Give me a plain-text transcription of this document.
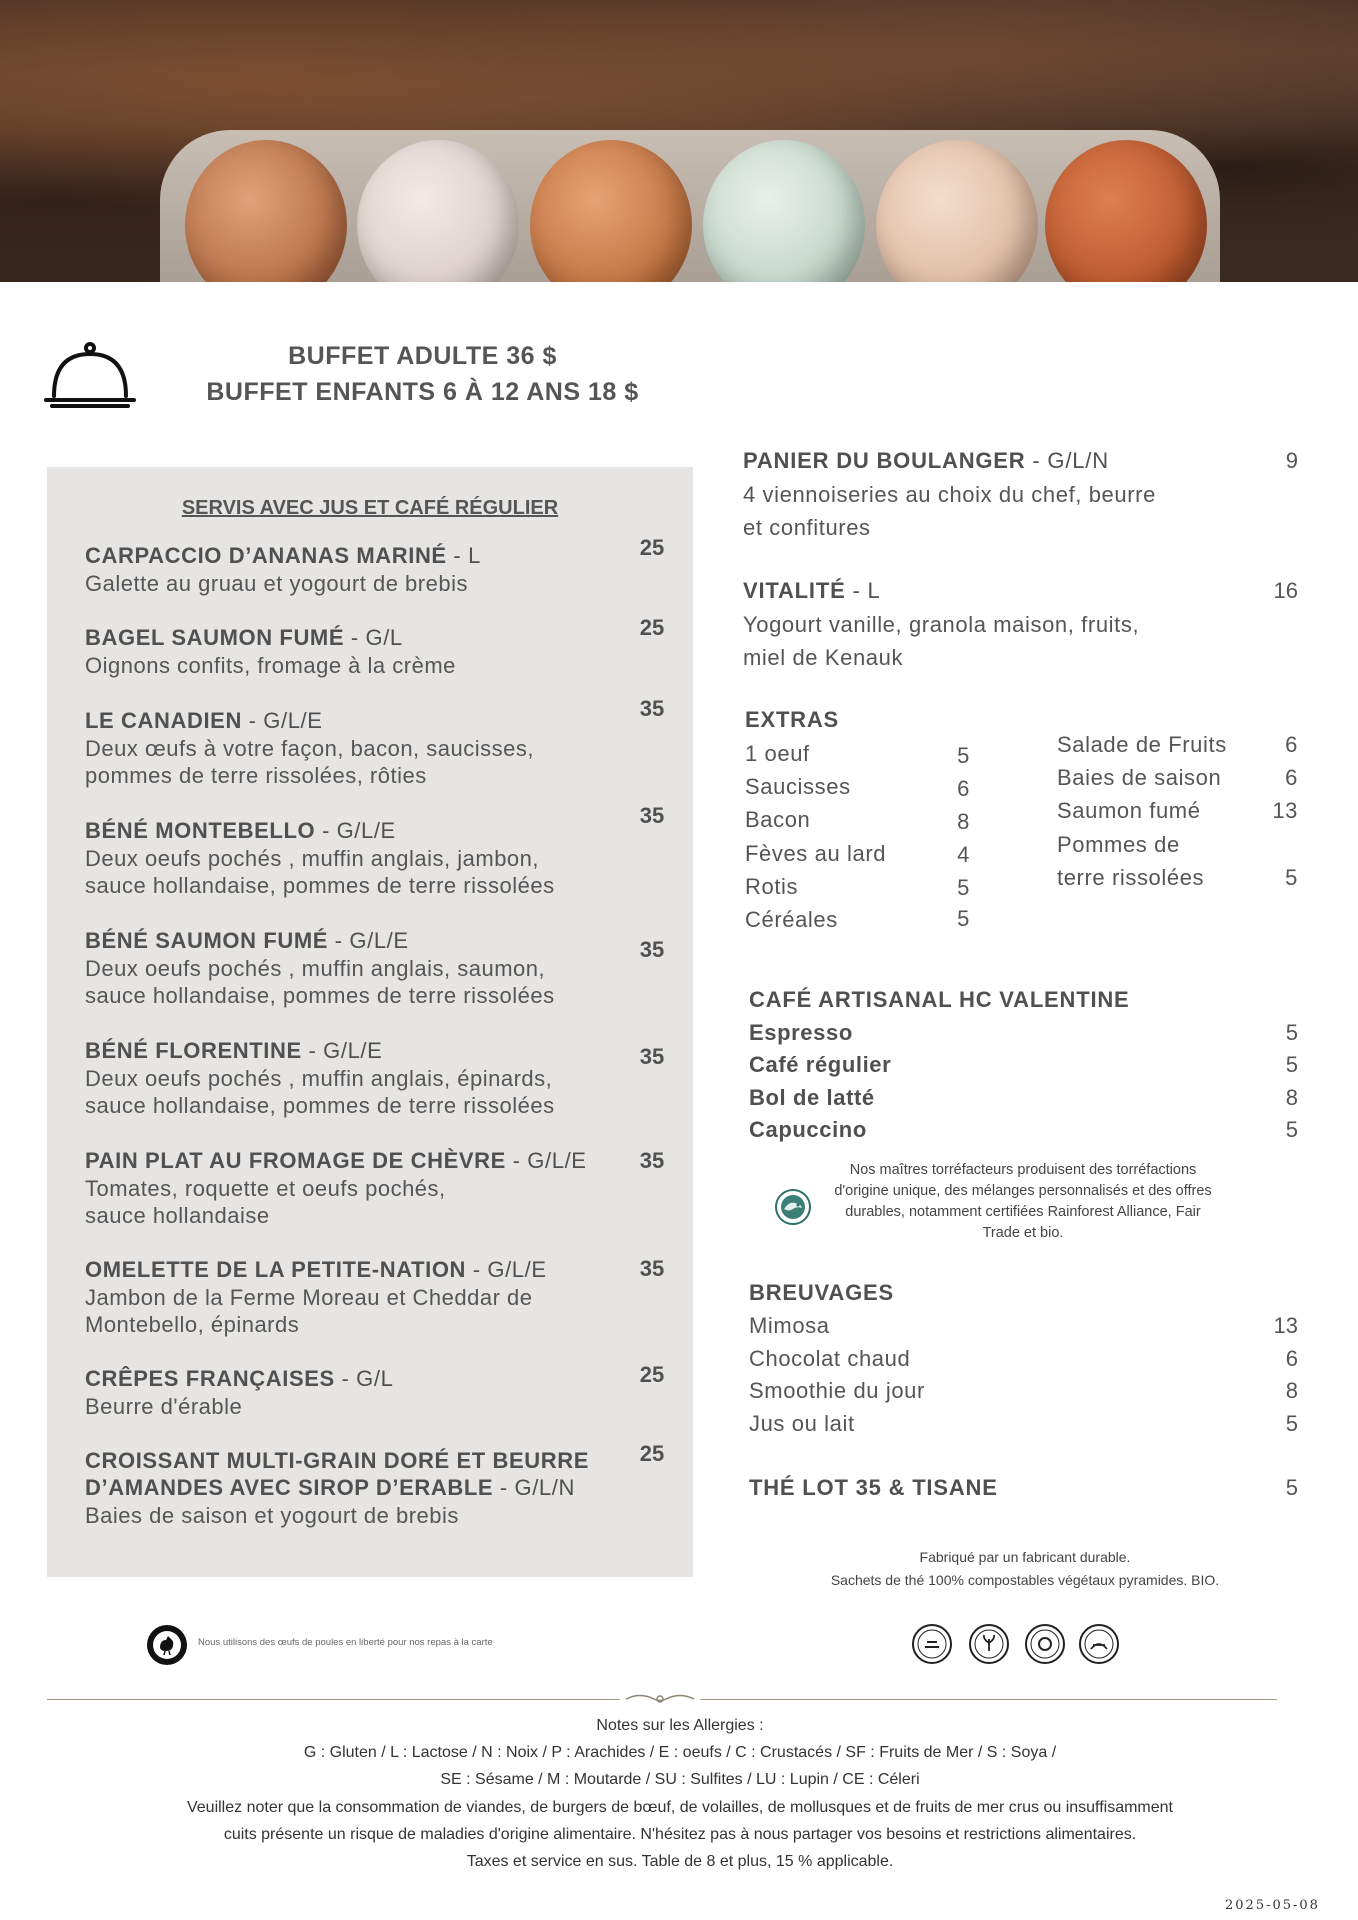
BUFFET ADULTE 36 $
BUFFET ENFANTS 6 À 12 ANS 18 $
SERVIS AVEC JUS ET CAFÉ RÉGULIER
CARPACCIO D’ANANAS MARINÉ - L
Galette au gruau et yogourt de brebis
25
BAGEL SAUMON FUMÉ - G/L
Oignons confits, fromage à la crème
25
LE CANADIEN - G/L/E
Deux œufs à votre façon, bacon, saucisses,
pommes de terre rissolées, rôties
35
BÉNÉ MONTEBELLO - G/L/E
Deux oeufs pochés , muffin anglais, jambon,
sauce hollandaise, pommes de terre rissolées
35
BÉNÉ SAUMON FUMÉ - G/L/E
Deux oeufs pochés , muffin anglais, saumon,
sauce hollandaise, pommes de terre rissolées
35
BÉNÉ FLORENTINE - G/L/E
Deux oeufs pochés , muffin anglais, épinards,
sauce hollandaise, pommes de terre rissolées
35
PAIN PLAT AU FROMAGE DE CHÈVRE - G/L/E
Tomates, roquette et oeufs pochés,
sauce hollandaise
35
OMELETTE DE LA PETITE-NATION - G/L/E
Jambon de la Ferme Moreau et Cheddar de
Montebello, épinards
35
CRÊPES FRANÇAISES - G/L
Beurre d'érable
25
CROISSANT MULTI-GRAIN DORÉ ET BEURRE
D’AMANDES AVEC SIROP D’ERABLE - G/L/N
Baies de saison et yogourt de brebis
25
PANIER DU BOULANGER - G/L/N
4 viennoiseries au choix du chef, beurre
et confitures
9
VITALITÉ - L
Yogourt vanille, granola maison, fruits,
miel de Kenauk
16
EXTRAS
1 oeuf	5
Saucisses	6
Bacon	8
Fèves au lard	4
Rotis	5
Céréales	5
Salade de Fruits	6
Baies de saison	6
Saumon fumé	13
Pommes de
terre rissolées	5
CAFÉ ARTISANAL HC VALENTINE
Espresso	5
Café régulier	5
Bol de latté	8
Capuccino	5
Nos maîtres torréfacteurs produisent des torréfactions d'origine unique, des mélanges personnalisés et des offres durables, notamment certifiées Rainforest Alliance, Fair Trade et bio.
BREUVAGES
Mimosa	13
Chocolat chaud	6
Smoothie du jour	8
Jus ou lait	5
THÉ LOT 35 & TISANE	5
Fabriqué par un fabricant durable.
Sachets de thé 100% compostables végétaux pyramides. BIO.
Nous utilisons des œufs de poules en liberté pour nos repas à la carte
Notes sur les Allergies :
G : Gluten / L : Lactose / N : Noix / P : Arachides / E : oeufs / C : Crustacés / SF : Fruits de Mer / S : Soya /
SE : Sésame / M : Moutarde / SU : Sulfites / LU : Lupin / CE : Céleri
Veuillez noter que la consommation de viandes, de burgers de bœuf, de volailles, de mollusques et de fruits de mer crus ou insuffisamment
cuits présente un risque de maladies d'origine alimentaire. N'hésitez pas à nous partager vos besoins et restrictions alimentaires.
Taxes et service en sus. Table de 8 et plus, 15 % applicable.
2025-05-08
